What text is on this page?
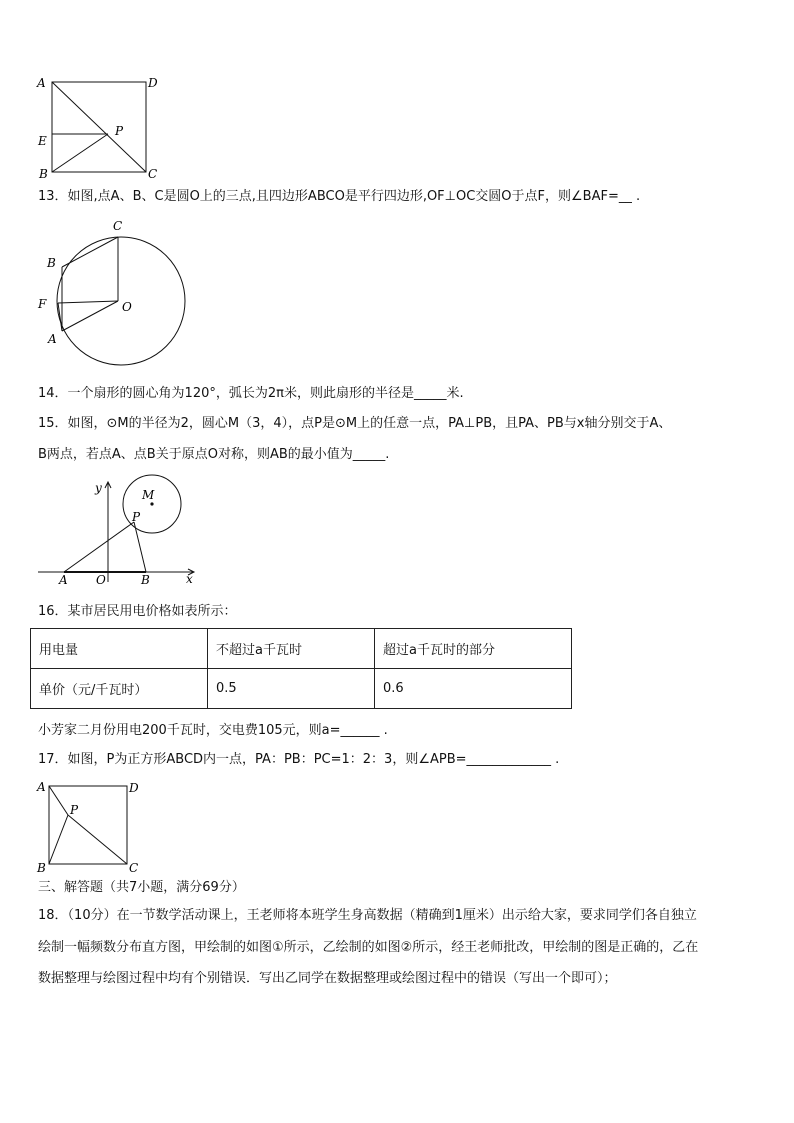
A	D
E
P
B	C
13．如图,点A、B、C是圆O上的三点,且四边形ABCO是平行四边形,OF⊥OC交圆O于点F，则∠BAF=__ .
C
B
F	O
A
14．一个扇形的圆心角为120°，弧长为2π米，则此扇形的半径是_____米.
15．如图，⊙M的半径为2，圆心M（3，4），点P是⊙M上的任意一点，PA⊥PB，且PA、PB与x轴分别交于A、
B两点，若点A、点B关于原点O对称，则AB的最小值为_____.
y	M
P
A O	B	x
16．某市居民用电价格如表所示：
用电量	不超过a千瓦时	超过a千瓦时的部分
单价（元/千瓦时）	0.5	0.6
小芳家二月份用电200千瓦时，交电费105元，则a=______ .
17．如图，P为正方形ABCD内一点，PA：PB：PC=1：2：3，则∠APB=_____________ .
A	D
P
B	C
三、解答题（共7小题，满分69分）
18．（10分）在一节数学活动课上，王老师将本班学生身高数据（精确到1厘米）出示给大家，要求同学们各自独立
绘制一幅频数分布直方图，甲绘制的如图①所示，乙绘制的如图②所示，经王老师批改，甲绘制的图是正确的，乙在
数据整理与绘图过程中均有个别错误．写出乙同学在数据整理或绘图过程中的错误（写出一个即可）；
